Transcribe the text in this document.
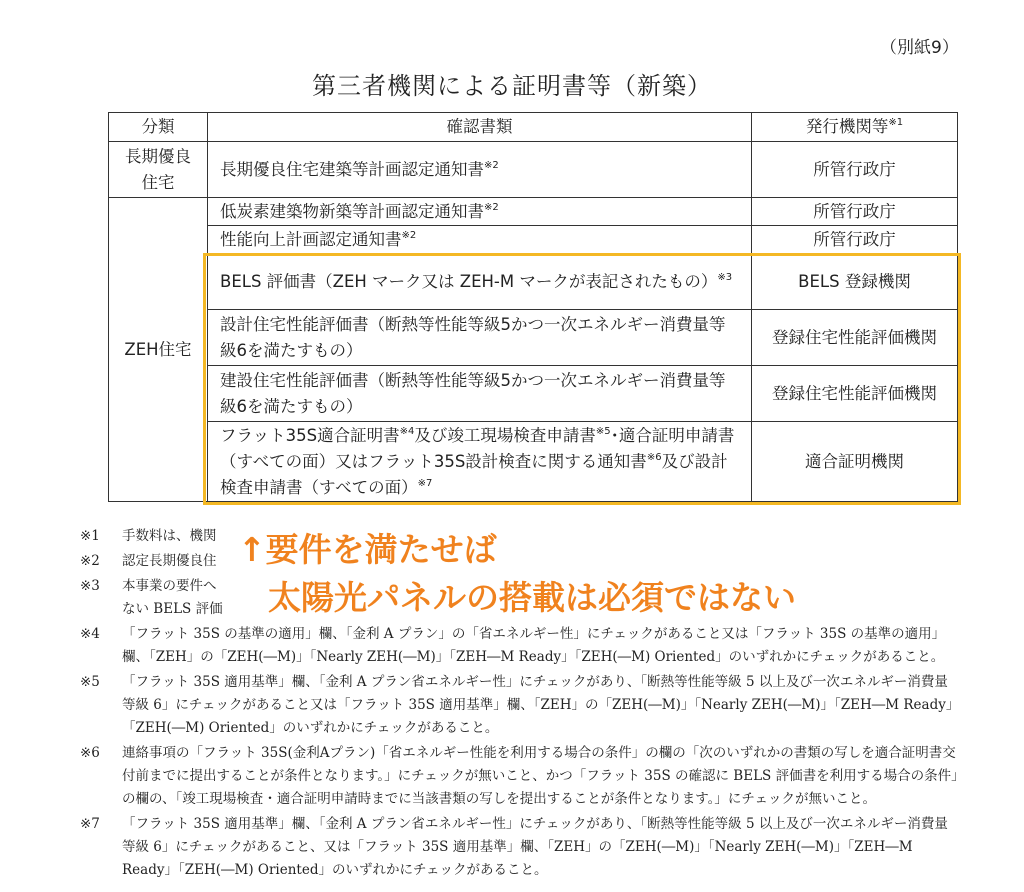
（別紙9）
第三者機関による証明書等（新築）
分類	確認書類	発行機関等$^{※1}$
長期優良
住宅	長期優良住宅建築等計画認定通知書$^{※2}$	所管行政庁
ZEH住宅	低炭素建築物新築等計画認定通知書$^{※2}$	所管行政庁
	性能向上計画認定通知書$^{※2}$	所管行政庁
	BELS 評価書（ZEH マーク又は ZEH-M マークが表記されたもの）$^{※3}$	BELS 登録機関
	設計住宅性能評価書（断熱等性能等級5かつ一次エネルギー消費量等級6を満たすもの）	登録住宅性能評価機関
	建設住宅性能評価書（断熱等性能等級5かつ一次エネルギー消費量等級6を満たすもの）	登録住宅性能評価機関
	フラット35S適合証明書$^{※4}$及び竣工現場検査申請書$^{※5}$･適合証明申請書（すべての面）又はフラット35S設計検査に関する通知書$^{※6}$及び設計検査申請書（すべての面）$^{※7}$	適合証明機関
※1	手数料は、機関
※2	認定長期優良住
※3	本事業の要件へ
ない BELS 評価
※4	「フラット 35S の基準の適用」欄、「金利 A プラン」の「省エネルギー性」にチェックがあること又は「フラット 35S の基準の適用」欄、「ZEH」の「ZEH(―M)」「Nearly ZEH(―M)」「ZEH―M Ready」「ZEH(―M) Oriented」のいずれかにチェックがあること。
※5	「フラット 35S 適用基準」欄、「金利 A プラン省エネルギー性」にチェックがあり、「断熱等性能等級 5 以上及び一次エネルギー消費量等級 6」にチェックがあること又は「フラット 35S 適用基準」欄、「ZEH」の「ZEH(―M)」「Nearly ZEH(―M)」「ZEH―M Ready」「ZEH(―M) Oriented」のいずれかにチェックがあること。
※6	連絡事項の「フラット 35S(金利Aプラン)「省エネルギー性能を利用する場合の条件」の欄の「次のいずれかの書類の写しを適合証明書交付前までに提出することが条件となります。」にチェックが無いこと、かつ「フラット 35S の確認に BELS 評価書を利用する場合の条件」の欄の、「竣工現場検査・適合証明申請時までに当該書類の写しを提出することが条件となります。」にチェックが無いこと。
※7	「フラット 35S 適用基準」欄、「金利 A プラン省エネルギー性」にチェックがあり、「断熱等性能等級 5 以上及び一次エネルギー消費量等級 6」にチェックがあること、又は「フラット 35S 適用基準」欄、「ZEH」の「ZEH(―M)」「Nearly ZEH(―M)」「ZEH―M Ready」「ZEH(―M) Oriented」のいずれかにチェックがあること。
↑要件を満たせば
太陽光パネルの搭載は必須ではない
